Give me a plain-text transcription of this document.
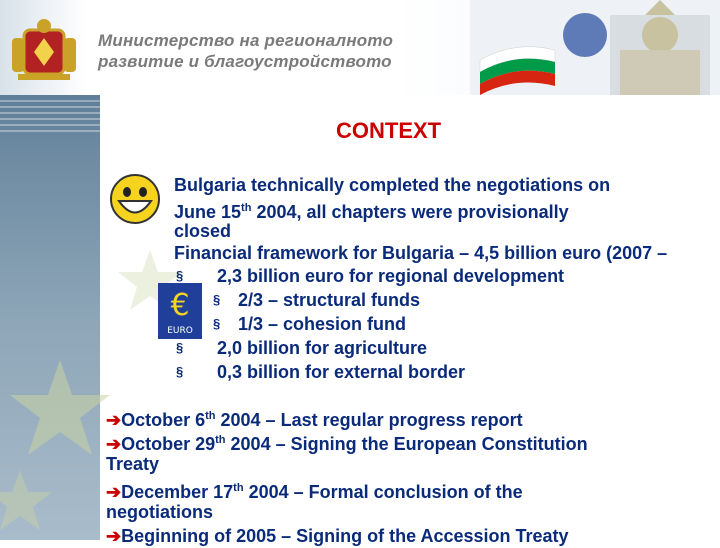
Министерство на регионалното
развитие и благоустройството
CONTEXT
€
EURO
Bulgaria technically completed the negotiations on
June 15th 2004, all chapters were provisionally
closed
Financial framework for Bulgaria – 4,5 billion euro (2007 –
§ 2,3 billion euro for regional development
§ 2/3 – structural funds
§ 1/3 – cohesion fund
§ 2,0 billion for agriculture
§ 0,3 billion for external border
➔October 6th 2004 – Last regular progress report
➔October 29th 2004 – Signing the European Constitution
Treaty
➔December 17th 2004 – Formal conclusion of the
negotiations
➔Beginning of 2005 – Signing of the Accession Treaty
